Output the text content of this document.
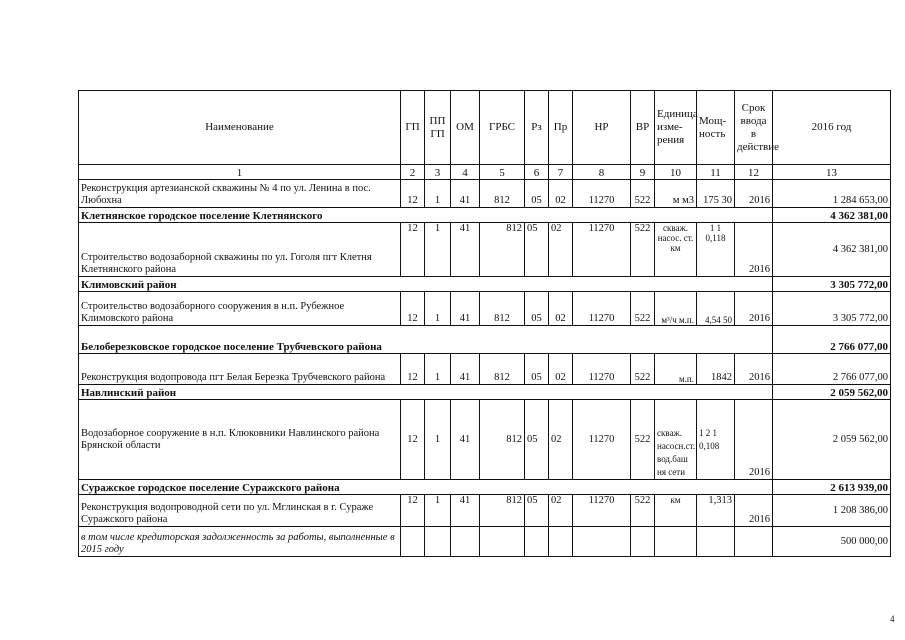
Наименование	ГП	ПП ГП	ОМ	ГРБС	Рз	Пр	НР	ВР	Единица изме-рения	Мощ-ность	Срок ввода в действие	2016 год
1	2	3	4	5	6	7	8	9	10	11	12	13
Реконструкция артезианской скважины № 4 по ул. Ленина в пос. Любохна	12	1	41	812	05	02	11270	522	м м3	175 30	2016	1 284 653,00
Клетнянское городское поселение Клетнянского												4 362 381,00
Строительство водозаборной скважины по ул. Гоголя пгт Клетня Клетнянского района	12	1	41	812	05	02	11270	522	скваж. насос. ст. км	1 1 0,118	2016	4 362 381,00
Климовский район												3 305 772,00
Строительство водозаборного сооружения в н.п. Рубежное Климовского района	12	1	41	812	05	02	11270	522	м³/ч м.п.	4,54 50	2016	3 305 772,00
Белоберезковское городское поселение Трубчевского района												2 766 077,00
Реконструкция водопровода пгт Белая Березка Трубчевского района	12	1	41	812	05	02	11270	522	м.п.	1842	2016	2 766 077,00
Навлинский район												2 059 562,00
Водозаборное сооружение в н.п. Клюковники Навлинского района Брянской области	12	1	41	812	05	02	11270	522	скваж. насосн.ст. вод.баш ня сети	1 2 1 0,108	2016	2 059 562,00
Суражское городское поселение Суражского района												2 613 939,00
Реконструкция водопроводной сети по ул. Мглинская в г. Сураже Суражского района	12	1	41	812	05	02	11270	522	км	1,313	2016	1 208 386,00
в том числе кредиторская задолженность за работы, выполненные в 2015 году												500 000,00
4
